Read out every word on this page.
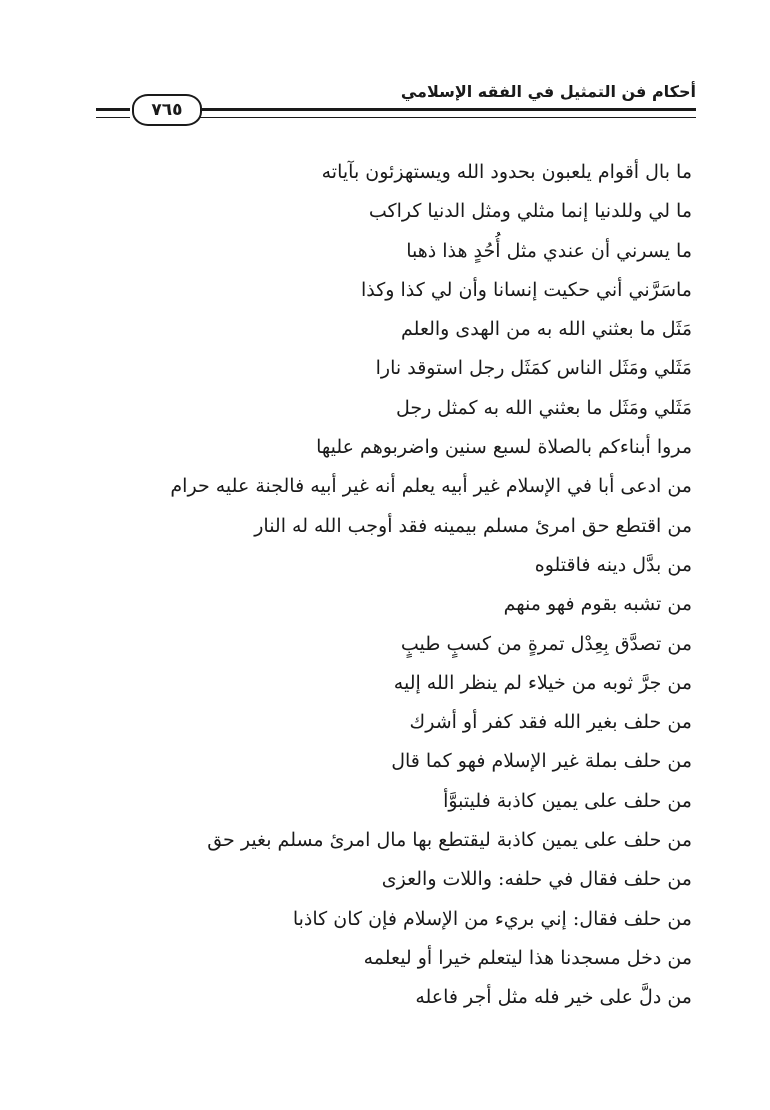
أحكام فن التمثيل في الفقه الإسلامي
٧٦٥
ما بال أقوام يلعبون بحدود الله ويستهزئون بآياته
ما لي وللدنيا إنما مثلي ومثل الدنيا كراكب
ما يسرني أن عندي مثل أُحُدٍ هذا ذهبا
ماسَرَّني أني حكيت إنسانا وأن لي كذا وكذا
مَثَل ما بعثني الله به من الهدى والعلم
مَثَلي ومَثَل الناس كمَثَل رجل استوقد نارا
مَثَلي ومَثَل ما بعثني الله به كمثل رجل
مروا أبناءكم بالصلاة لسبع سنين واضربوهم عليها
من ادعى أبا في الإسلام غير أبيه يعلم أنه غير أبيه فالجنة عليه حرام
من اقتطع حق امرئ مسلم بيمينه فقد أوجب الله له النار
من بدَّل دينه فاقتلوه
من تشبه بقوم فهو منهم
من تصدَّق بِعِدْل تمرةٍ من كسبٍ طيبٍ
من جرَّ ثوبه من خيلاء لم ينظر الله إليه
من حلف بغير الله فقد كفر أو أشرك
من حلف بملة غير الإسلام فهو كما قال
من حلف على يمين كاذبة فليتبوَّأ
من حلف على يمين كاذبة ليقتطع بها مال امرئ مسلم بغير حق
من حلف فقال في حلفه: واللات والعزى
من حلف فقال: إني بريء من الإسلام فإن كان كاذبا
من دخل مسجدنا هذا ليتعلم خيرا أو ليعلمه
من دلَّ على خير فله مثل أجر فاعله
